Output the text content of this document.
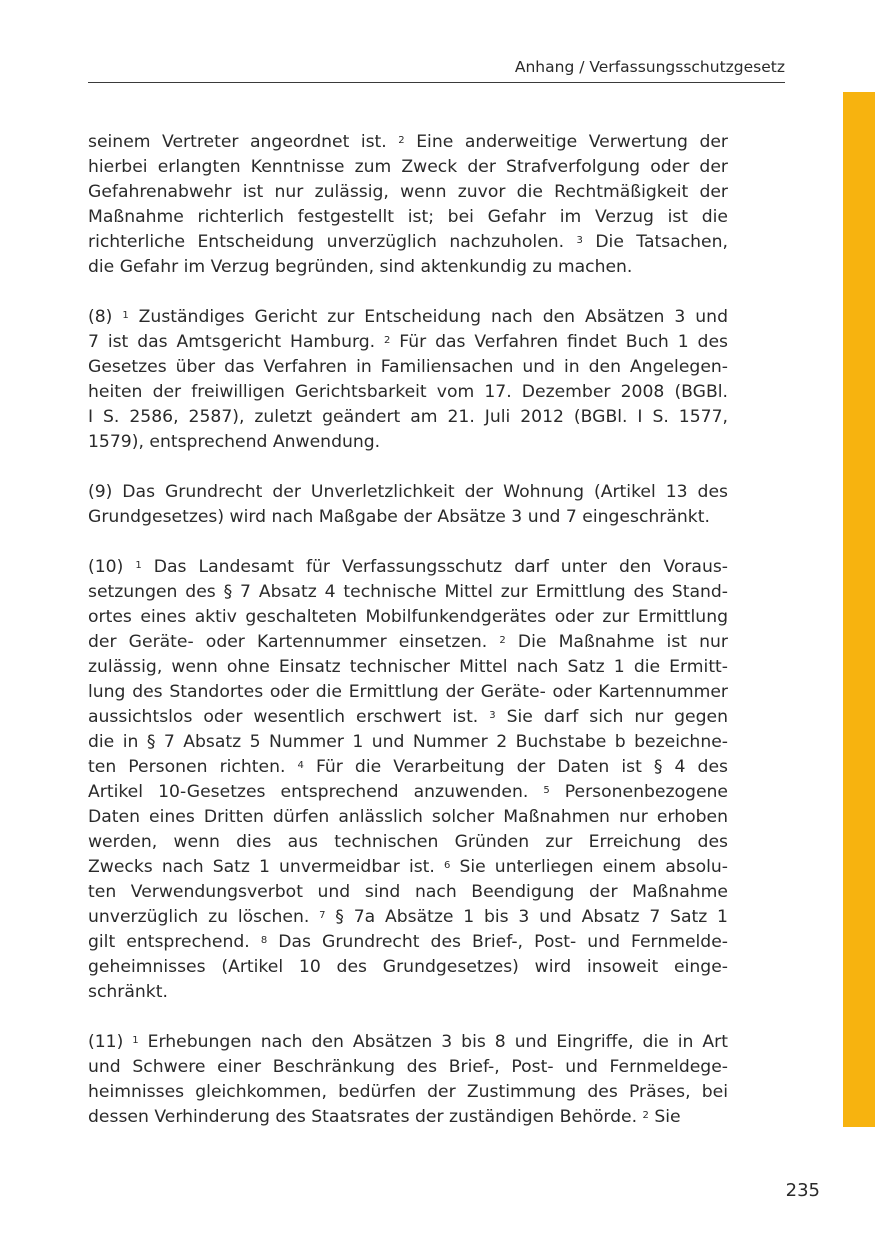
Anhang / Verfassungsschutzgesetz
seinem Vertreter angeordnet ist. $^2$ Eine anderweitige Verwertung der
hierbei erlangten Kenntnisse zum Zweck der Strafverfolgung oder der
Gefahrenabwehr ist nur zulässig, wenn zuvor die Rechtmäßigkeit der
Maßnahme richterlich festgestellt ist; bei Gefahr im Verzug ist die
richterliche Entscheidung unverzüglich nachzuholen. $^3$ Die Tatsachen,
die Gefahr im Verzug begründen, sind aktenkundig zu machen.
(8) $^1$ Zuständiges Gericht zur Entscheidung nach den Absätzen 3 und
7 ist das Amtsgericht Hamburg. $^2$ Für das Verfahren findet Buch 1 des
Gesetzes über das Verfahren in Familiensachen und in den Angelegen-
heiten der freiwilligen Gerichtsbarkeit vom 17. Dezember 2008 (BGBl.
I S. 2586, 2587), zuletzt geändert am 21. Juli 2012 (BGBl. I S. 1577,
1579), entsprechend Anwendung.
(9) Das Grundrecht der Unverletzlichkeit der Wohnung (Artikel 13 des
Grundgesetzes) wird nach Maßgabe der Absätze 3 und 7 eingeschränkt.
(10) $^1$ Das Landesamt für Verfassungsschutz darf unter den Voraus-
setzungen des § 7 Absatz 4 technische Mittel zur Ermittlung des Stand-
ortes eines aktiv geschalteten Mobilfunkendgerätes oder zur Ermittlung
der Geräte- oder Kartennummer einsetzen. $^2$ Die Maßnahme ist nur
zulässig, wenn ohne Einsatz technischer Mittel nach Satz 1 die Ermitt-
lung des Standortes oder die Ermittlung der Geräte- oder Kartennummer
aussichtslos oder wesentlich erschwert ist. $^3$ Sie darf sich nur gegen
die in § 7 Absatz 5 Nummer 1 und Nummer 2 Buchstabe b bezeichne-
ten Personen richten. $^4$ Für die Verarbeitung der Daten ist § 4 des
Artikel 10-Gesetzes entsprechend anzuwenden. $^5$ Personenbezogene
Daten eines Dritten dürfen anlässlich solcher Maßnahmen nur erhoben
werden, wenn dies aus technischen Gründen zur Erreichung des
Zwecks nach Satz 1 unvermeidbar ist. $^6$ Sie unterliegen einem absolu-
ten Verwendungsverbot und sind nach Beendigung der Maßnahme
unverzüglich zu löschen. $^7$ § 7a Absätze 1 bis 3 und Absatz 7 Satz 1
gilt entsprechend. $^8$ Das Grundrecht des Brief-, Post- und Fernmelde-
geheimnisses (Artikel 10 des Grundgesetzes) wird insoweit einge-
schränkt.
(11) $^1$ Erhebungen nach den Absätzen 3 bis 8 und Eingriffe, die in Art
und Schwere einer Beschränkung des Brief-, Post- und Fernmeldege-
heimnisses gleichkommen, bedürfen der Zustimmung des Präses, bei
dessen Verhinderung des Staatsrates der zuständigen Behörde. $^2$ Sie
235
